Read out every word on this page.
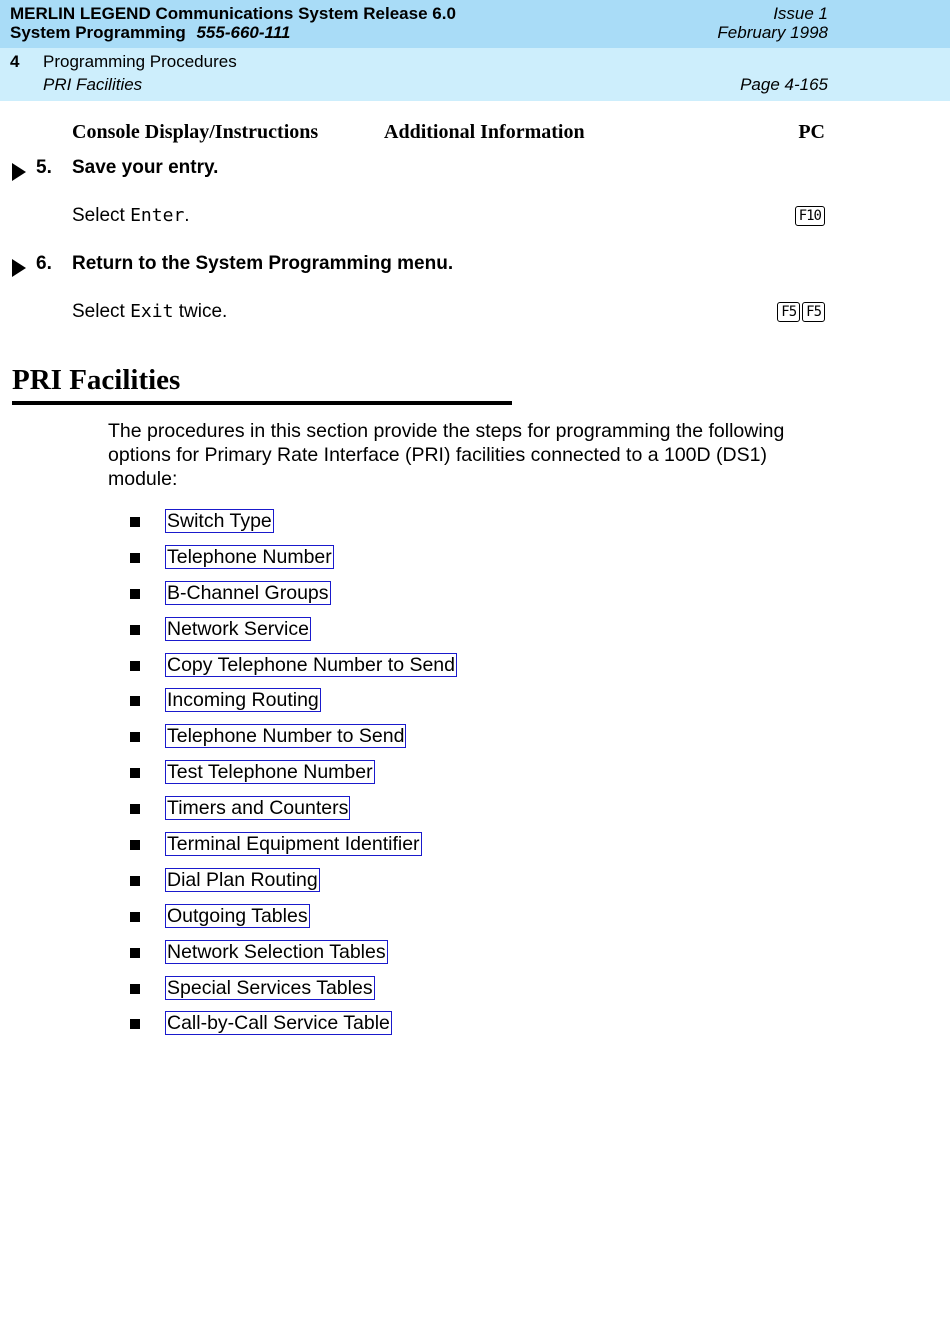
MERLIN LEGEND Communications System Release 6.0
System Programming 555-660-111
Issue 1
February 1998
4 Programming Procedures
PRI Facilities	Page 4-165
Console Display/Instructions	Additional Information	PC
5. Save your entry.
Select Enter.	F10
6. Return to the System Programming menu.
Select Exit twice.	F5 F5
PRI Facilities
The procedures in this section provide the steps for programming the following options for Primary Rate Interface (PRI) facilities connected to a 100D (DS1) module:
Switch Type
Telephone Number
B-Channel Groups
Network Service
Copy Telephone Number to Send
Incoming Routing
Telephone Number to Send
Test Telephone Number
Timers and Counters
Terminal Equipment Identifier
Dial Plan Routing
Outgoing Tables
Network Selection Tables
Special Services Tables
Call-by-Call Service Table
